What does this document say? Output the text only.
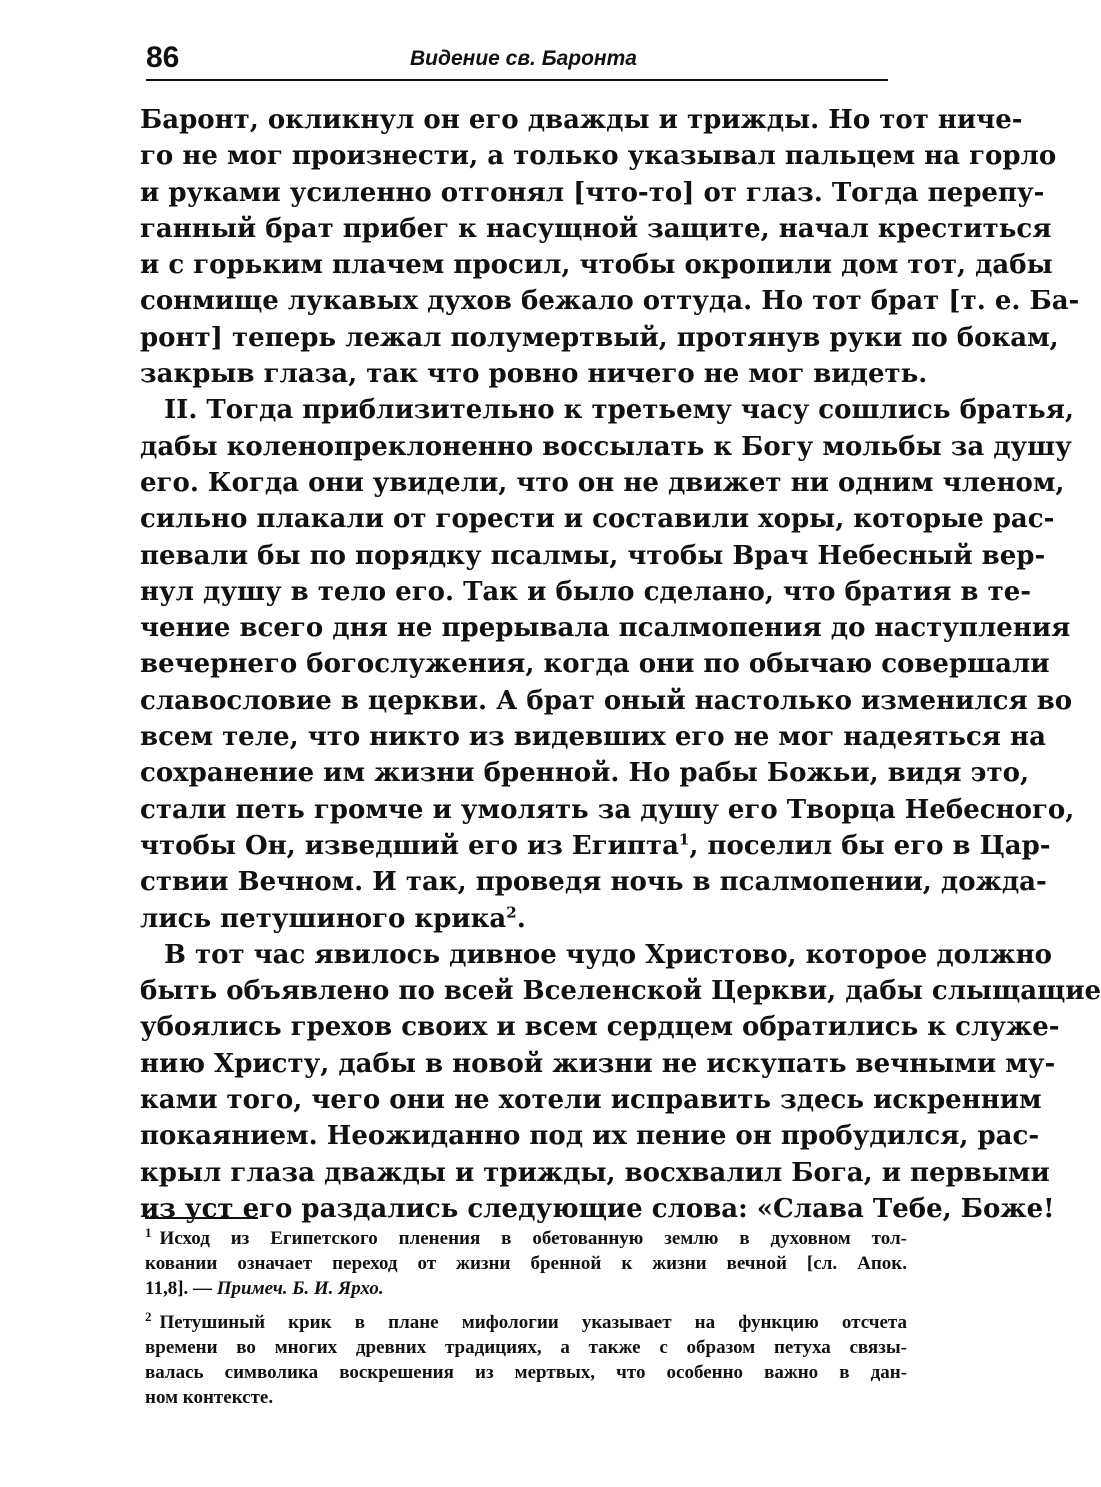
86	Видение св. Баронта
Баронт, окликнул он его дважды и трижды. Но тот ниче-
го не мог произнести, а только указывал пальцем на горло
и руками усиленно отгонял [что-то] от глаз. Тогда перепу-
ганный брат прибег к насущной защите, начал креститься
и с горьким плачем просил, чтобы окропили дом тот, дабы
сонмище лукавых духов бежало оттуда. Но тот брат [т. е. Ба-
ронт] теперь лежал полумертвый, протянув руки по бокам,
закрыв глаза, так что ровно ничего не мог видеть.
II. Тогда приблизительно к третьему часу сошлись братья,
дабы коленопреклоненно воссылать к Богу мольбы за душу
его. Когда они увидели, что он не движет ни одним членом,
сильно плакали от горести и составили хоры, которые рас-
певали бы по порядку псалмы, чтобы Врач Небесный вер-
нул душу в тело его. Так и было сделано, что братия в те-
чение всего дня не прерывала псалмопения до наступления
вечернего богослужения, когда они по обычаю совершали
славословие в церкви. А брат оный настолько изменился во
всем теле, что никто из видевших его не мог надеяться на
сохранение им жизни бренной. Но рабы Божьи, видя это,
стали петь громче и умолять за душу его Творца Небесного,
чтобы Он, изведший его из Египта$^1$, поселил бы его в Цар-
ствии Вечном. И так, проведя ночь в псалмопении, дожда-
лись петушиного крика$^2$.
В тот час явилось дивное чудо Христово, которое должно
быть объявлено по всей Вселенской Церкви, дабы слыщащие
убоялись грехов своих и всем сердцем обратились к служе-
нию Христу, дабы в новой жизни не искупать вечными му-
ками того, чего они не хотели исправить здесь искренним
покаянием. Неожиданно под их пение он пробудился, рас-
крыл глаза дважды и трижды, восхвалил Бога, и первыми
из уст его раздались следующие слова: «Слава Тебе, Боже!
$^1$ Исход из Египетского пленения в обетованную землю в духовном тол-
ковании означает переход от жизни бренной к жизни вечной [сл. Апок.
11,8]. — Примеч. Б. И. Ярхо.
$^2$ Петушиный крик в плане мифологии указывает на функцию отсчета
времени во многих древних традициях, а также с образом петуха связы-
валась символика воскрешения из мертвых, что особенно важно в дан-
ном контексте.
